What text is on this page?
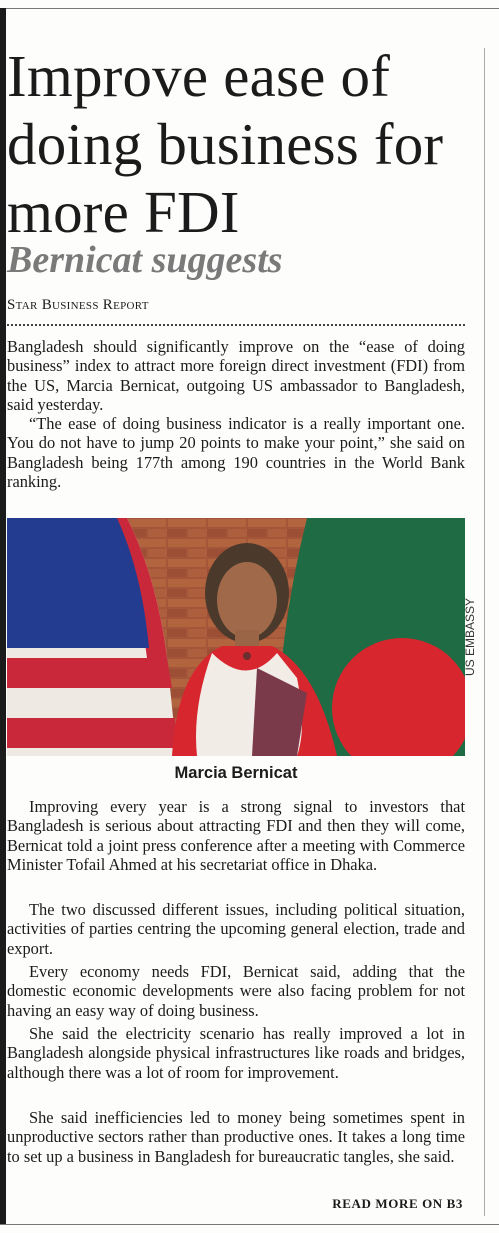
Improve ease of doing business for more FDI
Bernicat suggests

Star Business Report

Bangladesh should significantly improve on the “ease of doing business” index to attract more foreign direct investment (FDI) from the US, Marcia Bernicat, outgoing US ambassador to Bangladesh, said yesterday.

“The ease of doing business indicator is a really important one. You do not have to jump 20 points to make your point,” she said on Bangladesh being 177th among 190 countries in the World Bank ranking.

US EMBASSY

Marcia Bernicat

Improving every year is a strong signal to investors that Bangladesh is serious about attracting FDI and then they will come, Bernicat told a joint press conference after a meeting with Commerce Minister Tofail Ahmed at his secretariat office in Dhaka.

The two discussed different issues, including political situation, activities of parties centring the upcoming general election, trade and export.

Every economy needs FDI, Bernicat said, adding that the domestic economic developments were also facing problem for not having an easy way of doing business.

She said the electricity scenario has really improved a lot in Bangladesh alongside physical infrastructures like roads and bridges, although there was a lot of room for improvement.

She said inefficiencies led to money being sometimes spent in unproductive sectors rather than productive ones. It takes a long time to set up a business in Bangladesh for bureaucratic tangles, she said.

READ MORE ON B3
